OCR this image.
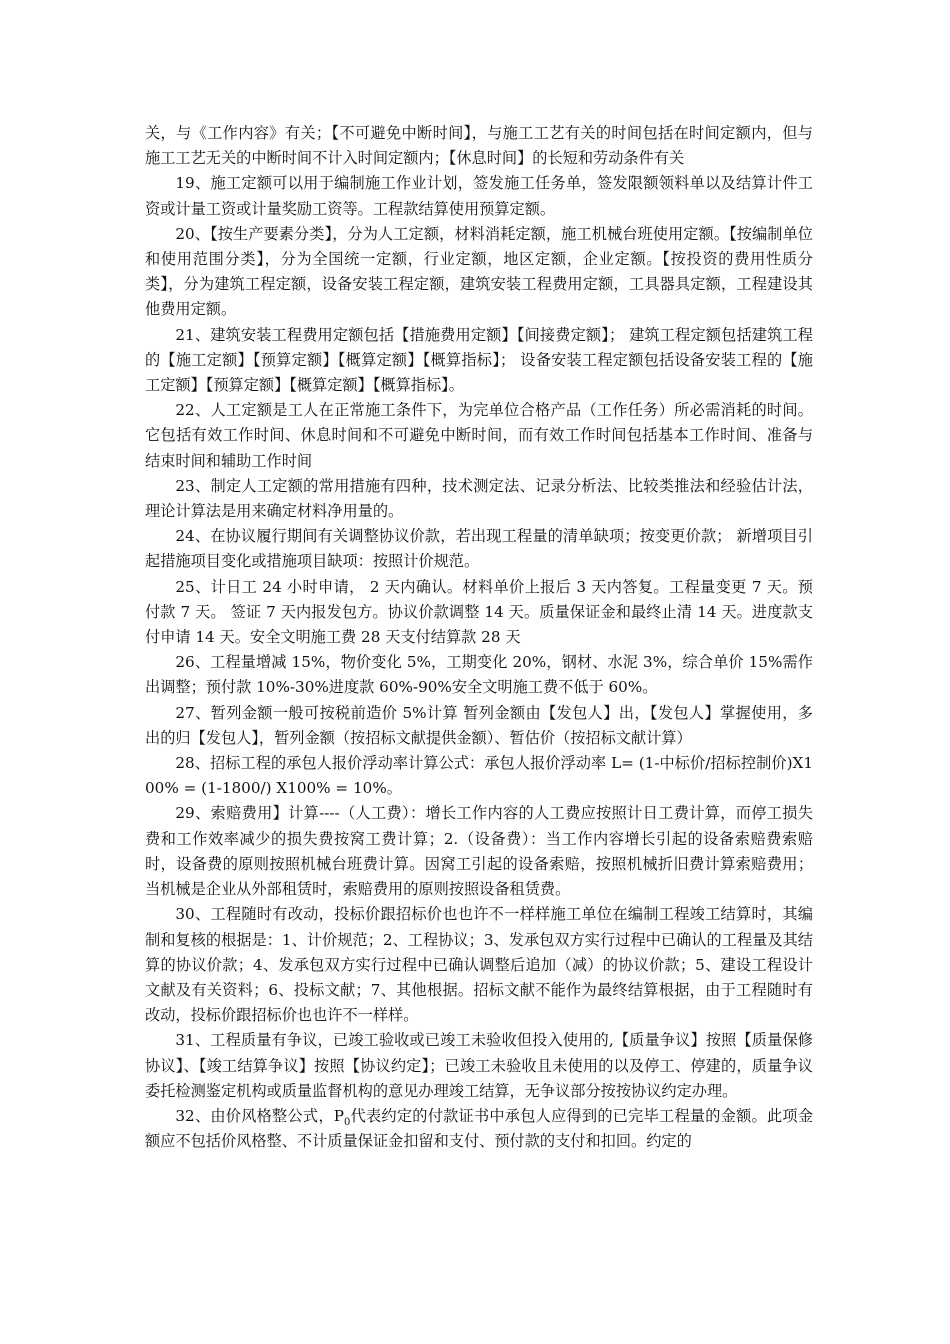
关，与《工作内容》有关；【不可避免中断时间】，与施工工艺有关的时间包括在时间定额内，但与施工工艺无关的中断时间不计入时间定额内；【休息时间】的长短和劳动条件有关

19、施工定额可以用于编制施工作业计划，签发施工任务单，签发限额领料单以及结算计件工资或计量工资或计量奖励工资等。工程款结算使用预算定额。

20、【按生产要素分类】，分为人工定额，材料消耗定额，施工机械台班使用定额。【按编制单位和使用范围分类】，分为全国统一定额，行业定额，地区定额，企业定额。【按投资的费用性质分类】，分为建筑工程定额，设备安装工程定额，建筑安装工程费用定额，工具器具定额，工程建设其他费用定额。

21、建筑安装工程费用定额包括【措施费用定额】【间接费定额】； 建筑工程定额包括建筑工程的【施工定额】【预算定额】【概算定额】【概算指标】； 设备安装工程定额包括设备安装工程的【施工定额】【预算定额】【概算定额】【概算指标】。

22、人工定额是工人在正常施工条件下，为完单位合格产品（工作任务）所必需消耗的时间。它包括有效工作时间、休息时间和不可避免中断时间，而有效工作时间包括基本工作时间、准备与结束时间和辅助工作时间

23、制定人工定额的常用措施有四种，技术测定法、记录分析法、比较类推法和经验估计法，理论计算法是用来确定材料净用量的。

24、在协议履行期间有关调整协议价款，若出现工程量的清单缺项；按变更价款； 新增项目引起措施项目变化或措施项目缺项：按照计价规范。

25、计日工 24 小时申请， 2 天内确认。材料单价上报后 3 天内答复。工程量变更 7 天。预付款 7 天。 签证 7 天内报发包方。协议价款调整 14 天。质量保证金和最终止清 14 天。进度款支付申请 14 天。安全文明施工费 28 天支付结算款 28 天

26、工程量增减 15%，物价变化 5%，工期变化 20%，钢材、水泥 3%，综合单价 15%需作出调整；预付款 10%-30%进度款 60%-90%安全文明施工费不低于 60%。

27、暂列金额一般可按税前造价 5%计算 暂列金额由【发包人】出，【发包人】掌握使用，多出的归【发包人】，暂列金额（按招标文献提供金额）、暂估价（按招标文献计算）

28、招标工程的承包人报价浮动率计算公式：承包人报价浮动率 L= (1-中标价/招标控制价)X100% = (1-1800/) X100% = 10%。

29、索赔费用】计算----（人工费）：增长工作内容的人工费应按照计日工费计算，而停工损失费和工作效率减少的损失费按窝工费计算；2.（设备费）：当工作内容增长引起的设备索赔费索赔时，设备费的原则按照机械台班费计算。因窝工引起的设备索赔，按照机械折旧费计算索赔费用；当机械是企业从外部租赁时，索赔费用的原则按照设备租赁费。

30、工程随时有改动，投标价跟招标价也也许不一样样施工单位在编制工程竣工结算时，其编制和复核的根据是：1、计价规范；2、工程协议；3、发承包双方实行过程中已确认的工程量及其结算的协议价款；4、发承包双方实行过程中已确认调整后追加（减）的协议价款；5、建设工程设计文献及有关资料；6、投标文献；7、其他根据。招标文献不能作为最终结算根据，由于工程随时有改动，投标价跟招标价也也许不一样样。

31、工程质量有争议，已竣工验收或已竣工未验收但投入使用的,【质量争议】按照【质量保修协议】、【竣工结算争议】按照【协议约定】；已竣工未验收且未使用的以及停工、停建的，质量争议委托检测鉴定机构或质量监督机构的意见办理竣工结算，无争议部分按按协议约定办理。

32、由价风格整公式，$P_0$代表约定的付款证书中承包人应得到的已完毕工程量的金额。此项金额应不包括价风格整、不计质量保证金扣留和支付、预付款的支付和扣回。约定的
